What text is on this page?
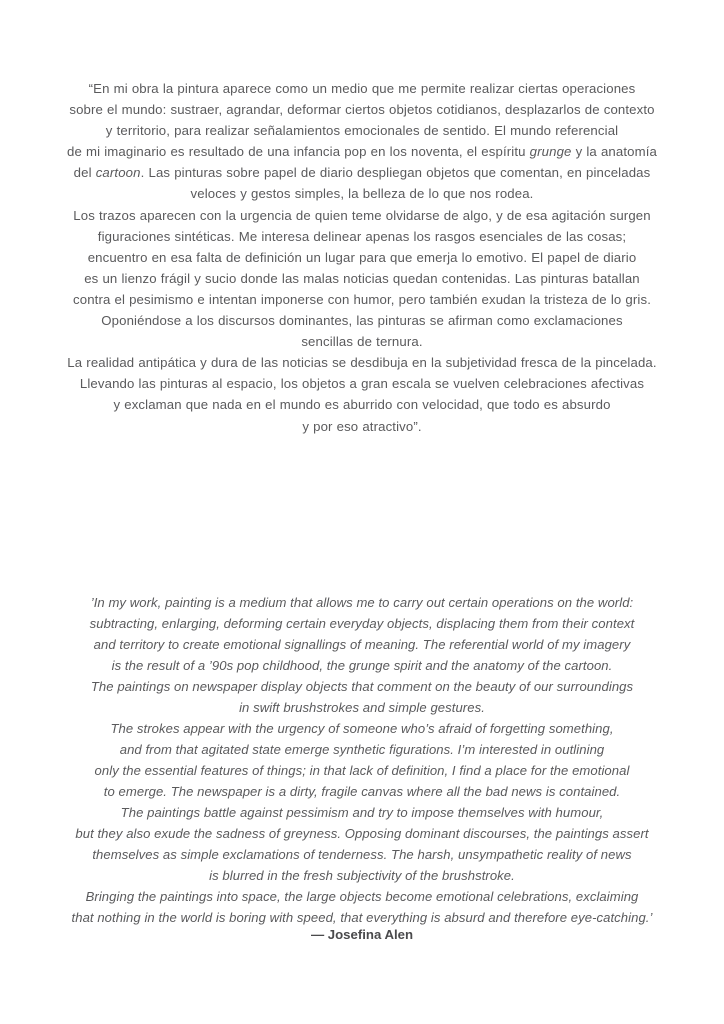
“En mi obra la pintura aparece como un medio que me permite realizar ciertas operaciones
sobre el mundo: sustraer, agrandar, deformar ciertos objetos cotidianos, desplazarlos de contexto
y territorio, para realizar señalamientos emocionales de sentido. El mundo referencial
de mi imaginario es resultado de una infancia pop en los noventa, el espíritu grunge y la anatomía
del cartoon. Las pinturas sobre papel de diario despliegan objetos que comentan, en pinceladas
veloces y gestos simples, la belleza de lo que nos rodea.
Los trazos aparecen con la urgencia de quien teme olvidarse de algo, y de esa agitación surgen
figuraciones sintéticas. Me interesa delinear apenas los rasgos esenciales de las cosas;
encuentro en esa falta de definición un lugar para que emerja lo emotivo. El papel de diario
es un lienzo frágil y sucio donde las malas noticias quedan contenidas. Las pinturas batallan
contra el pesimismo e intentan imponerse con humor, pero también exudan la tristeza de lo gris.
Oponiéndose a los discursos dominantes, las pinturas se afirman como exclamaciones
sencillas de ternura.
La realidad antipática y dura de las noticias se desdibuja en la subjetividad fresca de la pincelada.
Llevando las pinturas al espacio, los objetos a gran escala se vuelven celebraciones afectivas
y exclaman que nada en el mundo es aburrido con velocidad, que todo es absurdo
y por eso atractivo”.
’In my work, painting is a medium that allows me to carry out certain operations on the world:
subtracting, enlarging, deforming certain everyday objects, displacing them from their context
and territory to create emotional signallings of meaning. The referential world of my imagery
is the result of a ’90s pop childhood, the grunge spirit and the anatomy of the cartoon.
The paintings on newspaper display objects that comment on the beauty of our surroundings
in swift brushstrokes and simple gestures.
The strokes appear with the urgency of someone who’s afraid of forgetting something,
and from that agitated state emerge synthetic figurations. I’m interested in outlining
only the essential features of things; in that lack of definition, I find a place for the emotional
to emerge. The newspaper is a dirty, fragile canvas where all the bad news is contained.
The paintings battle against pessimism and try to impose themselves with humour,
but they also exude the sadness of greyness. Opposing dominant discourses, the paintings assert
themselves as simple exclamations of tenderness. The harsh, unsympathetic reality of news
is blurred in the fresh subjectivity of the brushstroke.
Bringing the paintings into space, the large objects become emotional celebrations, exclaiming
that nothing in the world is boring with speed, that everything is absurd and therefore eye-catching.’
— Josefina Alen
